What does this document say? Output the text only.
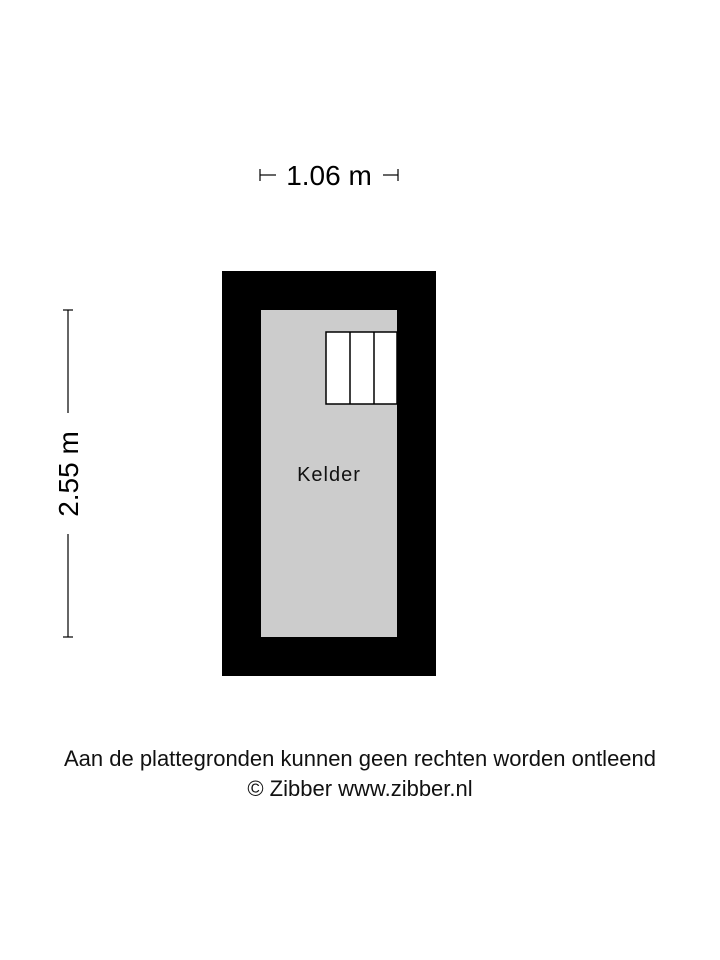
1.06 m
2.55 m	Kelder
Aan de plattegronden kunnen geen rechten worden ontleend
© Zibber www.zibber.nl
